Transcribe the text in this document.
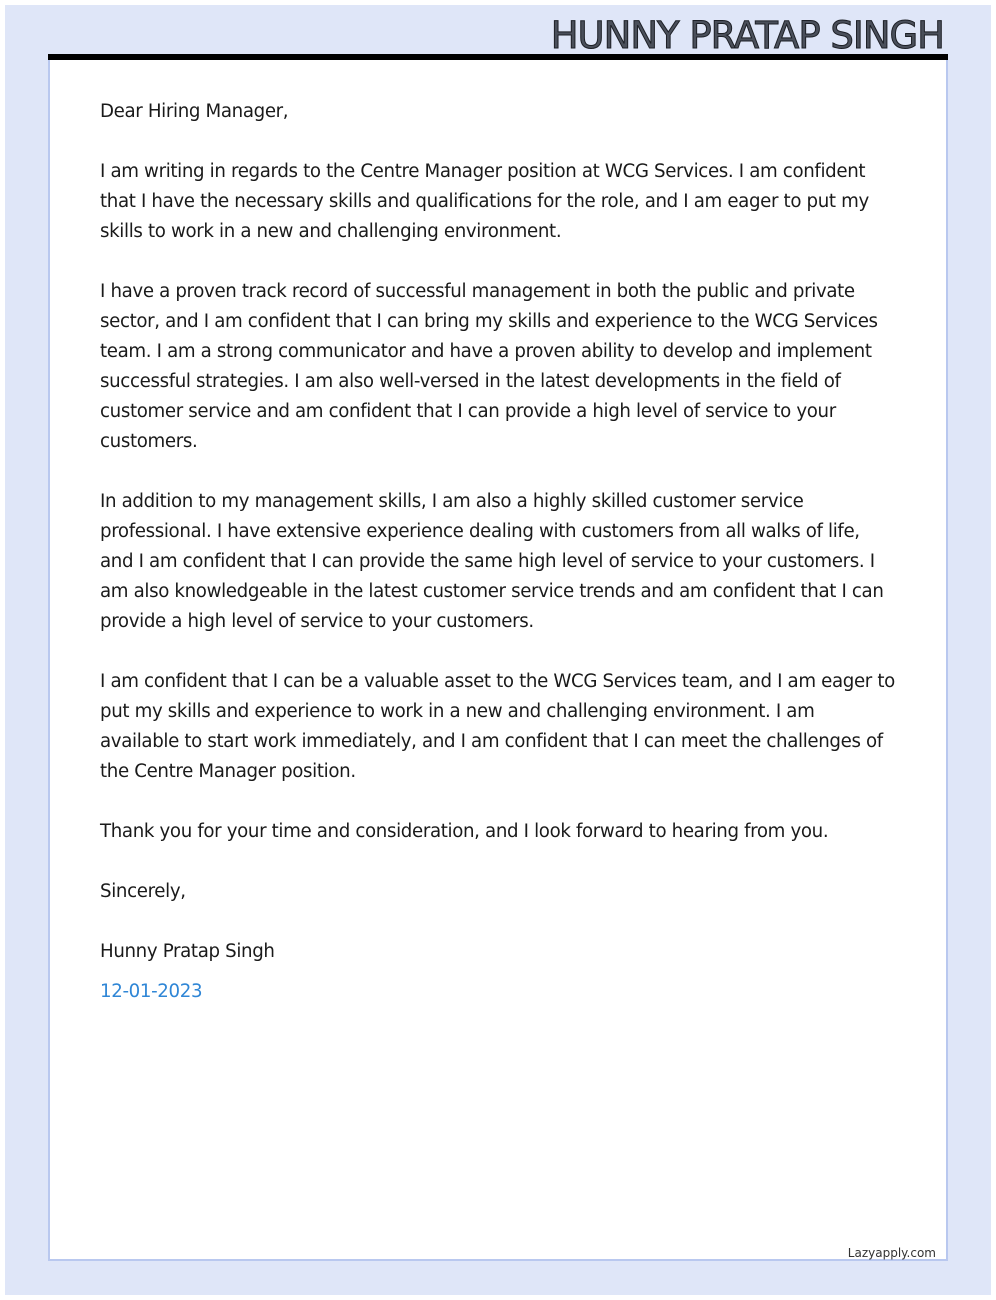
HUNNY PRATAP SINGH

Dear Hiring Manager,

I am writing in regards to the Centre Manager position at WCG Services. I am confident that I have the necessary skills and qualifications for the role, and I am eager to put my skills to work in a new and challenging environment.

I have a proven track record of successful management in both the public and private sector, and I am confident that I can bring my skills and experience to the WCG Services team. I am a strong communicator and have a proven ability to develop and implement successful strategies. I am also well-versed in the latest developments in the field of customer service and am confident that I can provide a high level of service to your customers.

In addition to my management skills, I am also a highly skilled customer service professional. I have extensive experience dealing with customers from all walks of life, and I am confident that I can provide the same high level of service to your customers. I am also knowledgeable in the latest customer service trends and am confident that I can provide a high level of service to your customers.

I am confident that I can be a valuable asset to the WCG Services team, and I am eager to put my skills and experience to work in a new and challenging environment. I am available to start work immediately, and I am confident that I can meet the challenges of the Centre Manager position.

Thank you for your time and consideration, and I look forward to hearing from you.

Sincerely,

Hunny Pratap Singh

12-01-2023

Lazyapply.com
